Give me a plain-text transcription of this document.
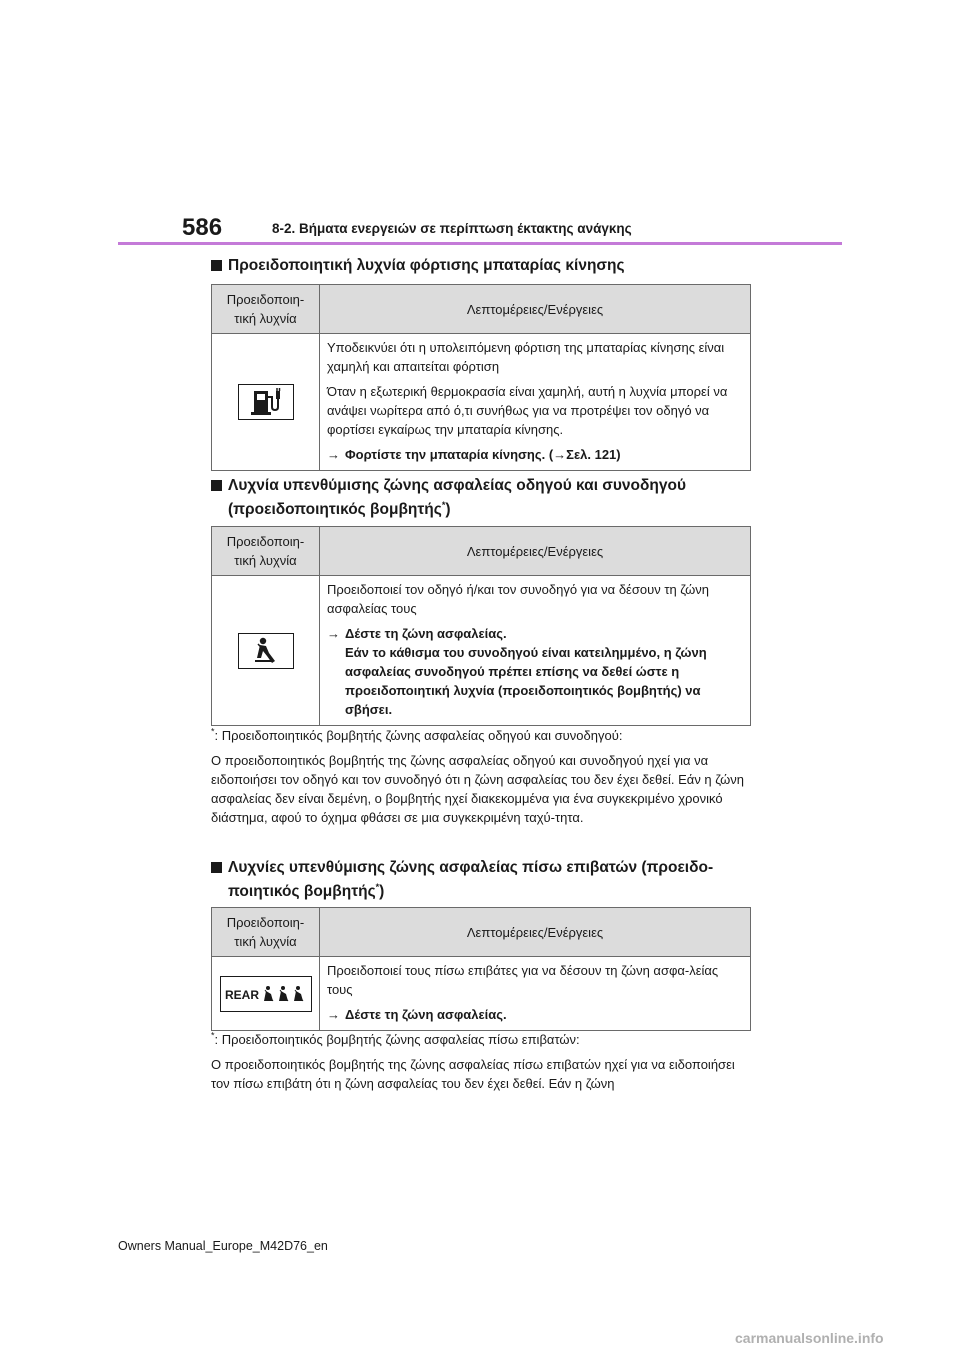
586	8-2. Βήματα ενεργειών σε περίπτωση έκτακτης ανάγκης
Προειδοποιητική λυχνία φόρτισης μπαταρίας κίνησης
Προειδοποιη-τική λυχνία	Λεπτομέρειες/Ενέργειες

Υποδεικνύει ότι η υπολειπόμενη φόρτιση της μπαταρίας κίνησης είναι χαμηλή και απαιτείται φόρτιση

Όταν η εξωτερική θερμοκρασία είναι χαμηλή, αυτή η λυχνία μπορεί να ανάψει νωρίτερα από ό,τι συνήθως για να προτρέψει τον οδηγό να φορτίσει εγκαίρως την μπαταρία κίνησης.

→ Φορτίστε την μπαταρία κίνησης. (→Σελ. 121)
Λυχνία υπενθύμισης ζώνης ασφαλείας οδηγού και συνοδηγού (προειδοποιητικός βομβητής*)
Προειδοποιη-τική λυχνία	Λεπτομέρειες/Ενέργειες

Προειδοποιεί τον οδηγό ή/και τον συνοδηγό για να δέσουν τη ζώνη ασφαλείας τους

→ Δέστε τη ζώνη ασφαλείας.
Εάν το κάθισμα του συνοδηγού είναι κατειλημμένο, η ζώνη ασφαλείας συνοδηγού πρέπει επίσης να δεθεί ώστε η προειδοποιητική λυχνία (προειδοποιητικός βομβητής) να σβήσει.

*: Προειδοποιητικός βομβητής ζώνης ασφαλείας οδηγού και συνοδηγού:

Ο προειδοποιητικός βομβητής της ζώνης ασφαλείας οδηγού και συνοδηγού ηχεί για να ειδοποιήσει τον οδηγό και τον συνοδηγό ότι η ζώνη ασφαλείας του δεν έχει δεθεί. Εάν η ζώνη ασφαλείας δεν είναι δεμένη, ο βομβητής ηχεί διακεκομμένα για ένα συγκεκριμένο χρονικό διάστημα, αφού το όχημα φθάσει σε μια συγκεκριμένη ταχύ-τητα.

Λυχνίες υπενθύμισης ζώνης ασφαλείας πίσω επιβατών (προειδο-ποιητικός βομβητής*)
Προειδοποιη-τική λυχνία	Λεπτομέρειες/Ενέργειες

REAR	Προειδοποιεί τους πίσω επιβάτες για να δέσουν τη ζώνη ασφα-λείας τους

→ Δέστε τη ζώνη ασφαλείας.

*: Προειδοποιητικός βομβητής ζώνης ασφαλείας πίσω επιβατών:

Ο προειδοποιητικός βομβητής της ζώνης ασφαλείας πίσω επιβατών ηχεί για να ειδοποιήσει τον πίσω επιβάτη ότι η ζώνη ασφαλείας του δεν έχει δεθεί. Εάν η ζώνη

Owners Manual_Europe_M42D76_en
carmanualsonline.info
